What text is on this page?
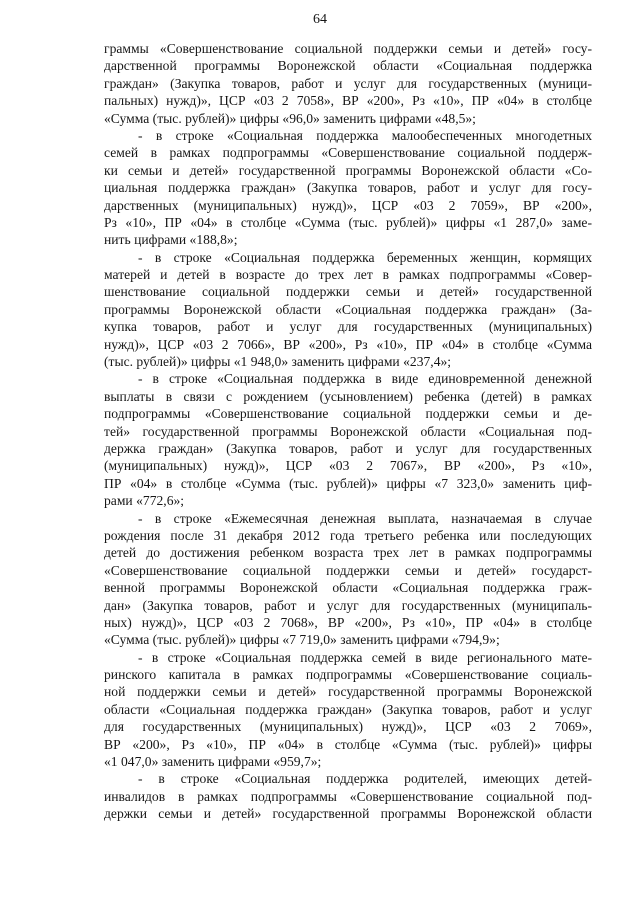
64
граммы «Совершенствование социальной поддержки семьи и детей» госу-
дарственной программы Воронежской области «Социальная поддержка
граждан» (Закупка товаров, работ и услуг для государственных (муници-
пальных) нужд)», ЦСР «03 2 7058», ВР «200», Рз «10», ПР «04» в столбце
«Сумма (тыс. рублей)» цифры «96,0» заменить цифрами «48,5»;
- в строке «Социальная поддержка малообеспеченных многодетных
семей в рамках подпрограммы «Совершенствование социальной поддерж-
ки семьи и детей» государственной программы Воронежской области «Со-
циальная поддержка граждан» (Закупка товаров, работ и услуг для госу-
дарственных (муниципальных) нужд)», ЦСР «03 2 7059», ВР «200»,
Рз «10», ПР «04» в столбце «Сумма (тыс. рублей)» цифры «1 287,0» заме-
нить цифрами «188,8»;
- в строке «Социальная поддержка беременных женщин, кормящих
матерей и детей в возрасте до трех лет в рамках подпрограммы «Совер-
шенствование социальной поддержки семьи и детей» государственной
программы Воронежской области «Социальная поддержка граждан» (За-
купка товаров, работ и услуг для государственных (муниципальных)
нужд)», ЦСР «03 2 7066», ВР «200», Рз «10», ПР «04» в столбце «Сумма
(тыс. рублей)» цифры «1 948,0» заменить цифрами «237,4»;
- в строке «Социальная поддержка в виде единовременной денежной
выплаты в связи с рождением (усыновлением) ребенка (детей) в рамках
подпрограммы «Совершенствование социальной поддержки семьи и де-
тей» государственной программы Воронежской области «Социальная под-
держка граждан» (Закупка товаров, работ и услуг для государственных
(муниципальных) нужд)», ЦСР «03 2 7067», ВР «200», Рз «10»,
ПР «04» в столбце «Сумма (тыс. рублей)» цифры «7 323,0» заменить циф-
рами «772,6»;
- в строке «Ежемесячная денежная выплата, назначаемая в случае
рождения после 31 декабря 2012 года третьего ребенка или последующих
детей до достижения ребенком возраста трех лет в рамках подпрограммы
«Совершенствование социальной поддержки семьи и детей» государст-
венной программы Воронежской области «Социальная поддержка граж-
дан» (Закупка товаров, работ и услуг для государственных (муниципаль-
ных) нужд)», ЦСР «03 2 7068», ВР «200», Рз «10», ПР «04» в столбце
«Сумма (тыс. рублей)» цифры «7 719,0» заменить цифрами «794,9»;
- в строке «Социальная поддержка семей в виде регионального мате-
ринского капитала в рамках подпрограммы «Совершенствование социаль-
ной поддержки семьи и детей» государственной программы Воронежской
области «Социальная поддержка граждан» (Закупка товаров, работ и услуг
для государственных (муниципальных) нужд)», ЦСР «03 2 7069»,
ВР «200», Рз «10», ПР «04» в столбце «Сумма (тыс. рублей)» цифры
«1 047,0» заменить цифрами «959,7»;
- в строке «Социальная поддержка родителей, имеющих детей-
инвалидов в рамках подпрограммы «Совершенствование социальной под-
держки семьи и детей» государственной программы Воронежской области
